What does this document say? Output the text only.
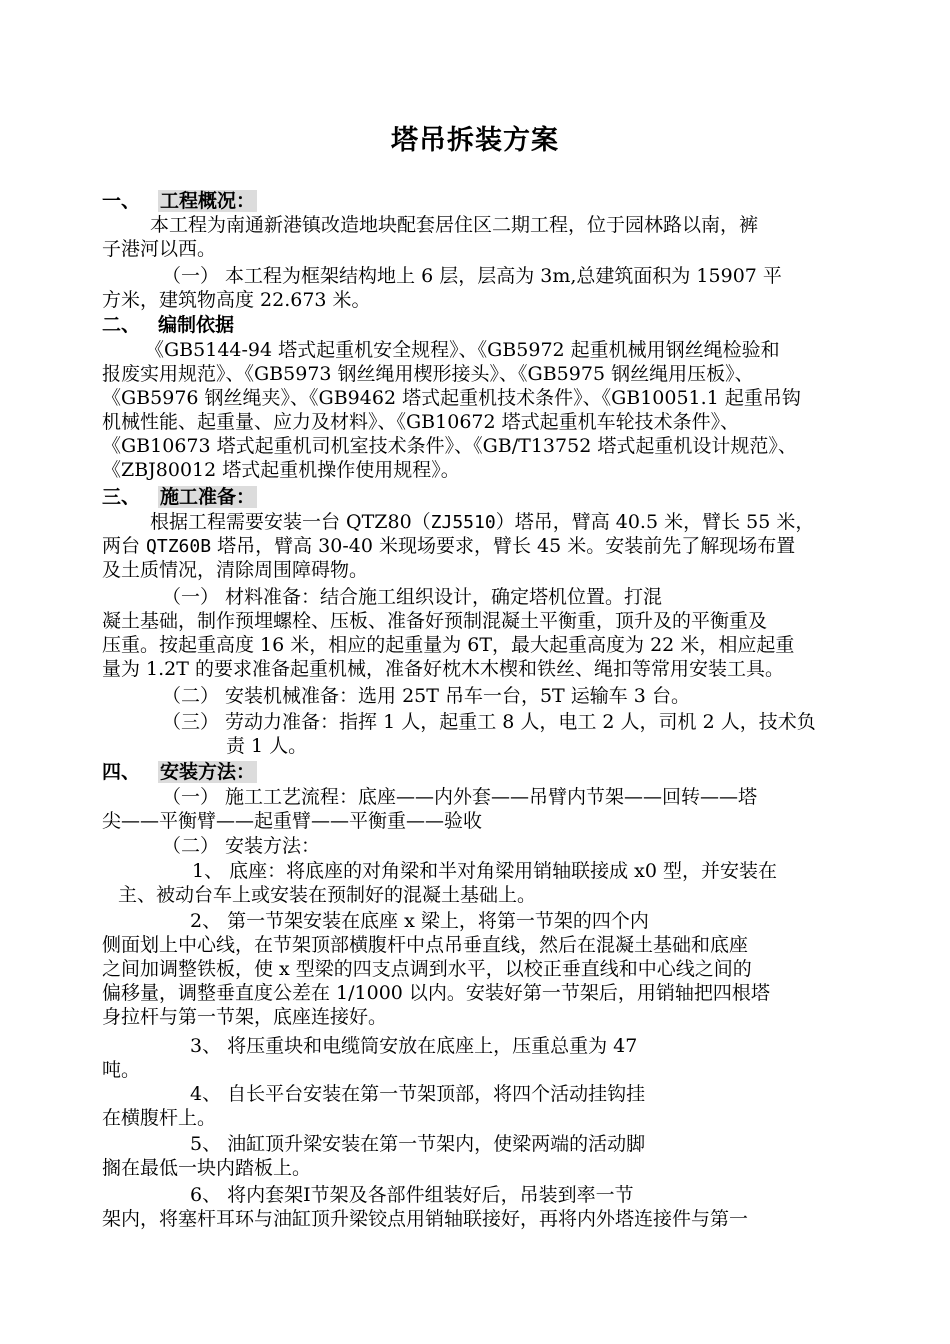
塔吊拆装方案
一、 工程概况：
本工程为南通新港镇改造地块配套居住区二期工程，位于园林路以南，裤
子港河以西。
（一） 本工程为框架结构地上 6 层，层高为 3m,总建筑面积为 15907 平
方米，建筑物高度 22.673 米。
二、 编制依据
《GB5144-94 塔式起重机安全规程》、《GB5972 起重机械用钢丝绳检验和
报废实用规范》、《GB5973 钢丝绳用楔形接头》、《GB5975 钢丝绳用压板》、
《GB5976 钢丝绳夹》、《GB9462 塔式起重机技术条件》、《GB10051.1 起重吊钩
机械性能、起重量、应力及材料》、《GB10672 塔式起重机车轮技术条件》、
《GB10673 塔式起重机司机室技术条件》、《GB/T13752 塔式起重机设计规范》、
《ZBJ80012 塔式起重机操作使用规程》。
三、 施工准备：
根据工程需要安装一台 QTZ80（ZJ5510）塔吊，臂高 40.5 米，臂长 55 米，
两台 QTZ60B 塔吊，臂高 30-40 米现场要求，臂长 45 米。安装前先了解现场布置
及土质情况，清除周围障碍物。
（一） 材料准备：结合施工组织设计，确定塔机位置。打混
凝土基础，制作预埋螺栓、压板、准备好预制混凝土平衡重，顶升及的平衡重及
压重。按起重高度 16 米，相应的起重量为 6T，最大起重高度为 22 米，相应起重
量为 1.2T 的要求准备起重机械，准备好枕木木楔和铁丝、绳扣等常用安装工具。
（二） 安装机械准备：选用 25T 吊车一台，5T 运输车 3 台。
（三） 劳动力准备：指挥 1 人，起重工 8 人，电工 2 人，司机 2 人，技术负
责 1 人。
四、 安装方法：
（一） 施工工艺流程：底座——内外套——吊臂内节架——回转——塔
尖——平衡臂——起重臂——平衡重——验收
（二） 安装方法：
1、 底座：将底座的对角梁和半对角梁用销轴联接成 x0 型，并安装在
主、被动台车上或安装在预制好的混凝土基础上。
2、 第一节架安装在底座 x 梁上，将第一节架的四个内
侧面划上中心线，在节架顶部横腹杆中点吊垂直线，然后在混凝土基础和底座
之间加调整铁板，使 x 型梁的四支点调到水平，以校正垂直线和中心线之间的
偏移量，调整垂直度公差在 1/1000 以内。安装好第一节架后，用销轴把四根塔
身拉杆与第一节架，底座连接好。
3、 将压重块和电缆筒安放在底座上，压重总重为 47
吨。
4、 自长平台安装在第一节架顶部，将四个活动挂钩挂
在横腹杆上。
5、 油缸顶升梁安装在第一节架内，使梁两端的活动脚
搁在最低一块内踏板上。
6、 将内套架Ⅰ节架及各部件组装好后，吊装到率一节
架内，将塞杆耳环与油缸顶升梁铰点用销轴联接好，再将内外塔连接件与第一
